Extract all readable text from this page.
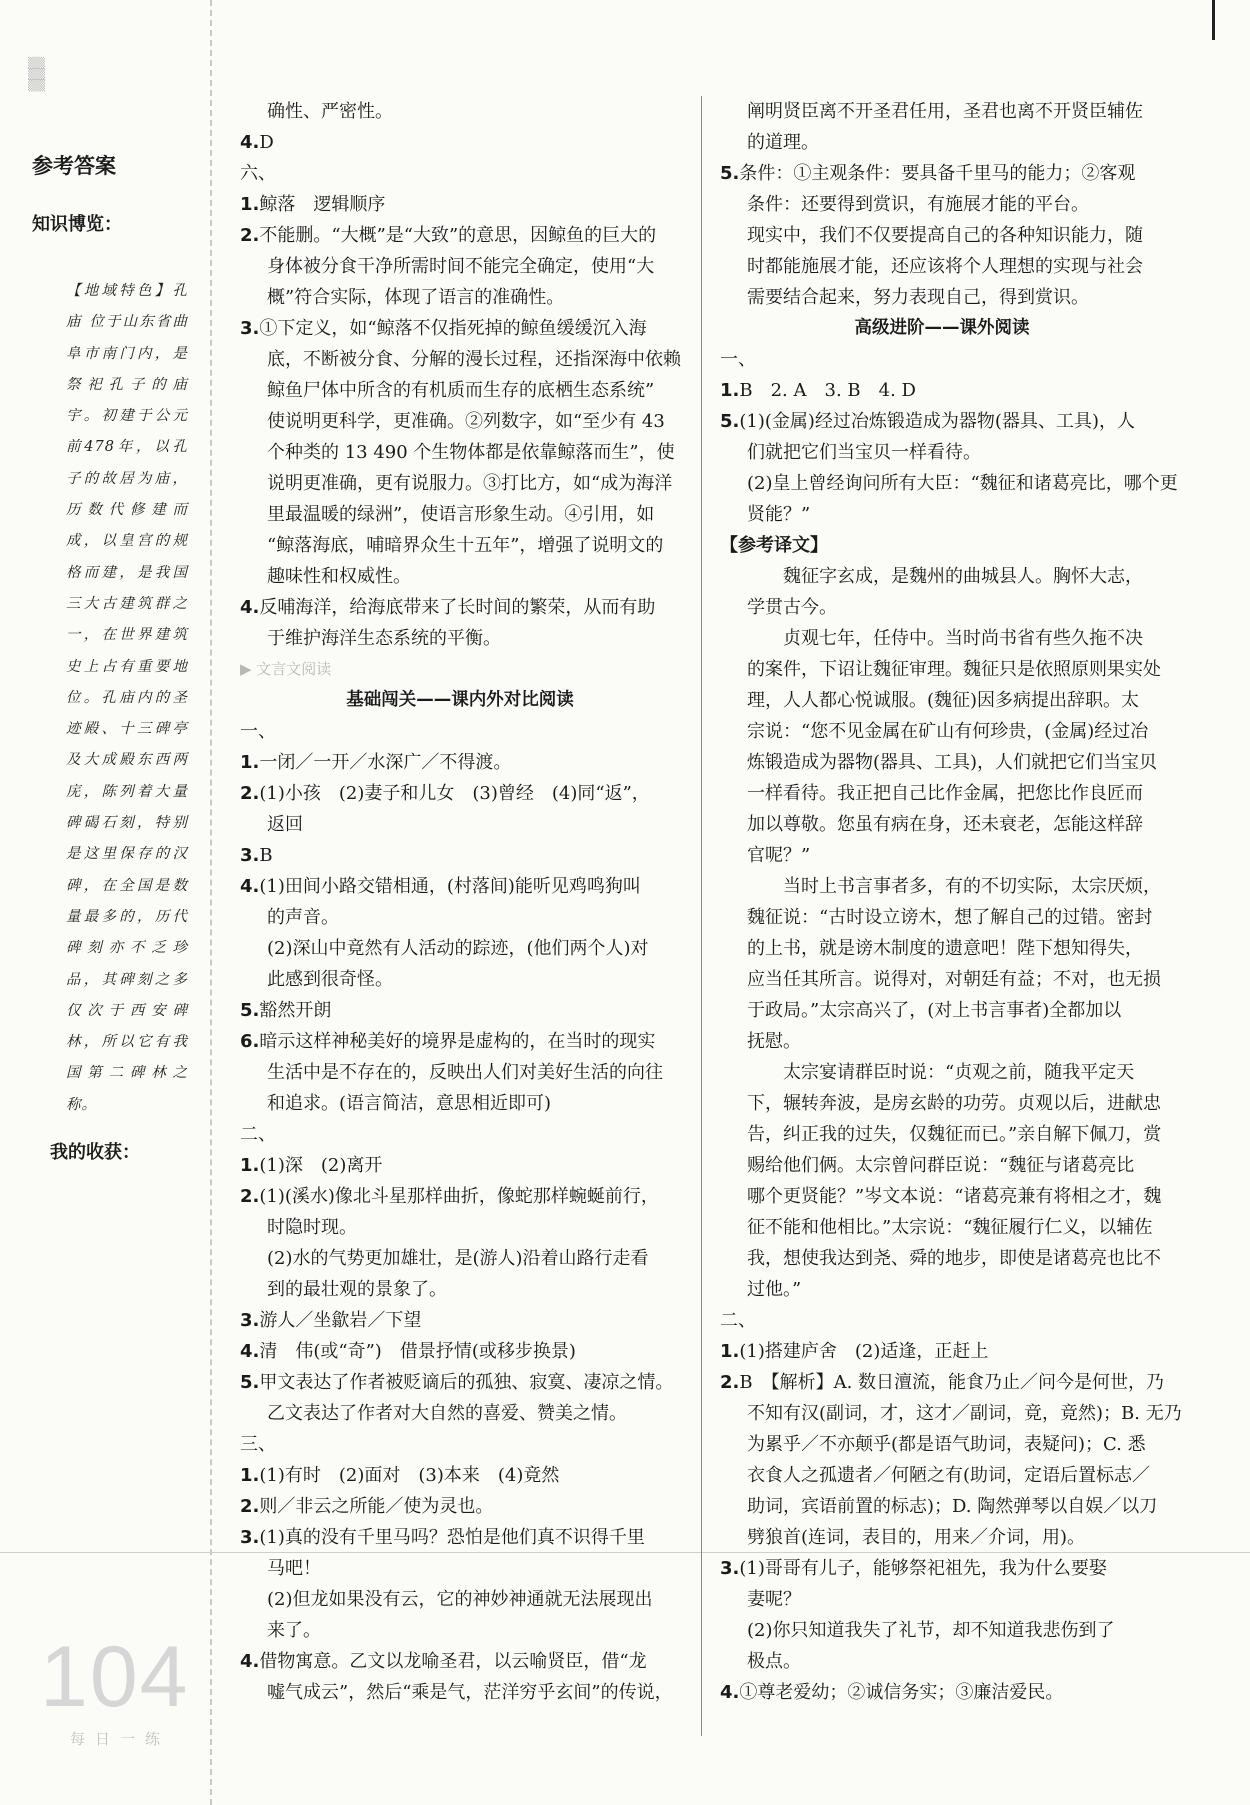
▒▒
▒▒
▒▒
参考答案
知识博览：
【地域特色】孔庙 位于山东省曲阜市南门内，是祭祀孔子的庙宇。初建于公元前478年，以孔子的故居为庙，历数代修建而成，以皇宫的规格而建，是我国三大古建筑群之一，在世界建筑史上占有重要地位。孔庙内的圣迹殿、十三碑亭及大成殿东西两庑，陈列着大量碑碣石刻，特别是这里保存的汉碑，在全国是数量最多的，历代碑刻亦不乏珍品，其碑刻之多仅次于西安碑林，所以它有我国第二碑林之称。
我的收获：
104
每日一练
确性、严密性。
4.D
六、
1.鲸落　逻辑顺序
2.不能删。“大概”是“大致”的意思，因鲸鱼的巨大的
身体被分食干净所需时间不能完全确定，使用“大
概”符合实际，体现了语言的准确性。
3.①下定义，如“鲸落不仅指死掉的鲸鱼缓缓沉入海
底，不断被分食、分解的漫长过程，还指深海中依赖
鲸鱼尸体中所含的有机质而生存的底栖生态系统”
使说明更科学，更准确。②列数字，如“至少有 43
个种类的 13 490 个生物体都是依靠鲸落而生”，使
说明更准确，更有说服力。③打比方，如“成为海洋
里最温暖的绿洲”，使语言形象生动。④引用，如
“鲸落海底，哺暗界众生十五年”，增强了说明文的
趣味性和权威性。
4.反哺海洋，给海底带来了长时间的繁荣，从而有助
于维护海洋生态系统的平衡。
▶ 文言文阅读
基础闯关——课内外对比阅读
一、
1.一闭／一开／水深广／不得渡。
2.(1)小孩　(2)妻子和儿女　(3)曾经　(4)同“返”，
返回
3.B
4.(1)田间小路交错相通，(村落间)能听见鸡鸣狗叫
的声音。
(2)深山中竟然有人活动的踪迹，(他们两个人)对
此感到很奇怪。
5.豁然开朗
6.暗示这样神秘美好的境界是虚构的，在当时的现实
生活中是不存在的，反映出人们对美好生活的向往
和追求。(语言简洁，意思相近即可)
二、
1.(1)深　(2)离开
2.(1)(溪水)像北斗星那样曲折，像蛇那样蜿蜒前行，
时隐时现。
(2)水的气势更加雄壮，是(游人)沿着山路行走看
到的最壮观的景象了。
3.游人／坐歙岩／下望
4.清　伟(或“奇”)　借景抒情(或移步换景)
5.甲文表达了作者被贬谪后的孤独、寂寞、凄凉之情。
乙文表达了作者对大自然的喜爱、赞美之情。
三、
1.(1)有时　(2)面对　(3)本来　(4)竟然
2.则／非云之所能／使为灵也。
3.(1)真的没有千里马吗？恐怕是他们真不识得千里
马吧！
(2)但龙如果没有云，它的神妙神通就无法展现出
来了。
4.借物寓意。乙文以龙喻圣君，以云喻贤臣，借“龙
嘘气成云”，然后“乘是气，茫洋穷乎玄间”的传说，
阐明贤臣离不开圣君任用，圣君也离不开贤臣辅佐
的道理。
5.条件：①主观条件：要具备千里马的能力；②客观
条件：还要得到赏识，有施展才能的平台。
现实中，我们不仅要提高自己的各种知识能力，随
时都能施展才能，还应该将个人理想的实现与社会
需要结合起来，努力表现自己，得到赏识。
高级进阶——课外阅读
一、
1.B　2. A　3. B　4. D
5.(1)(金属)经过冶炼锻造成为器物(器具、工具)，人
们就把它们当宝贝一样看待。
(2)皇上曾经询问所有大臣：“魏征和诸葛亮比，哪个更
贤能？”
【参考译文】
　　魏征字玄成，是魏州的曲城县人。胸怀大志，
学贯古今。
　　贞观七年，任侍中。当时尚书省有些久拖不决
的案件，下诏让魏征审理。魏征只是依照原则果实处
理，人人都心悦诚服。(魏征)因多病提出辞职。太
宗说：“您不见金属在矿山有何珍贵，(金属)经过冶
炼锻造成为器物(器具、工具)，人们就把它们当宝贝
一样看待。我正把自己比作金属，把您比作良匠而
加以尊敬。您虽有病在身，还未衰老，怎能这样辞
官呢？”
　　当时上书言事者多，有的不切实际，太宗厌烦，
魏征说：“古时设立谤木，想了解自己的过错。密封
的上书，就是谤木制度的遗意吧！陛下想知得失，
应当任其所言。说得对，对朝廷有益；不对，也无损
于政局。”太宗高兴了，(对上书言事者)全都加以
抚慰。
　　太宗宴请群臣时说：“贞观之前，随我平定天
下，辗转奔波，是房玄龄的功劳。贞观以后，进献忠
告，纠正我的过失，仅魏征而已。”亲自解下佩刀，赏
赐给他们俩。太宗曾问群臣说：“魏征与诸葛亮比
哪个更贤能？”岑文本说：“诸葛亮兼有将相之才，魏
征不能和他相比。”太宗说：“魏征履行仁义，以辅佐
我，想使我达到尧、舜的地步，即使是诸葛亮也比不
过他。”
二、
1.(1)搭建庐舍　(2)适逢，正赶上
2.B　【解析】A. 数日澶流，能食乃止／问今是何世，乃
不知有汉(副词，才，这才／副词，竟，竟然)；B. 无乃
为累乎／不亦颠乎(都是语气助词，表疑问)；C. 悉
衣食人之孤遗者／何陋之有(助词，定语后置标志／
助词，宾语前置的标志)；D. 陶然弹琴以自娱／以刀
劈狼首(连词，表目的，用来／介词，用)。
3.(1)哥哥有儿子，能够祭祀祖先，我为什么要娶
妻呢？
(2)你只知道我失了礼节，却不知道我悲伤到了
极点。
4.①尊老爱幼；②诚信务实；③廉洁爱民。
